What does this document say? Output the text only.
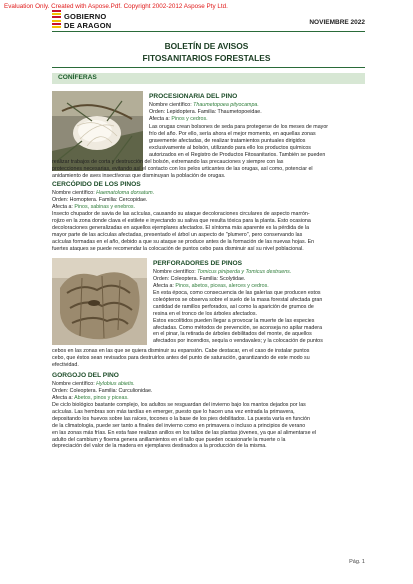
Evaluation Only. Created with Aspose.Pdf. Copyright 2002-2012 Aspose Pty Ltd.
GOBIERNO
DE ARAGON	NOVIEMBRE 2022
BOLETÍN DE AVISOS
FITOSANITARIOS FORESTALES
CONÍFERAS
PROCESIONARIA DEL PINO
Nombre científico: Thaumetopoea pityocampa.
Orden: Lepidoptera. Familia: Thaumetopoeidae.
Afecta a: Pinos y cedros.
Las orugas crean bolsones de seda para protegerse de los meses de mayor
frío del año. Por ello, sería ahora el mejor momento, en aquellas zonas
gravemente afectadas, de realizar tratamientos puntuales dirigidos
exclusivamente al bolsón, utilizando para ello los productos químicos
autorizados en el Registro de Productos Fitosanitarios. También se pueden
realizar trabajos de corta y destrucción del bolsón, extremando las precauciones y siempre con las
protecciones necesarias, evitando así el contacto con los pelos urticantes de las orugas, así como, potenciar el
anidamiento de aves insectívoras que disminuyan la población de orugas.
CERCÓPIDO DE LOS PINOS
Nombre científico: Haematoloma dorsatum.
Orden: Homoptera. Familia: Cercopidae.
Afecta a: Pinos, sabinas y enebros.
Insecto chupador de savia de las acículas, causando su ataque decoloraciones circulares de aspecto marrón-
rojizo en la zona donde clava el estilete e inyectando su saliva que resulta tóxica para la planta. Esto ocasiona
decoloraciones generalizadas en aquellos ejemplares afectados. El síntoma más aparente es la pérdida de la
mayor parte de las acículas afectadas, presentado el árbol un aspecto de "plumero", pero conservando las
acículas formadas en el año, debido a que su ataque se produce antes de la formación de las nuevas hojas. En
fuertes ataques se puede recomendar la colocación de puntos cebo para disminuir así su nivel poblacional.
PERFORADORES DE PINOS
Nombre científico: Tomicus piniperda y Tomicus destruens.
Orden: Coleoptera. Familia: Scolytidae.
Afecta a: Pinos, abetos, piceas, alerces y cedros.
En esta época, como consecuencia de las galerías que producen estos
coleópteros se observa sobre el suelo de la masa forestal afectada gran
cantidad de ramillos perforados, así como la aparición de grumos de
resina en el tronco de los árboles afectados.
Estos escolítidos pueden llegar a provocar la muerte de las especies
afectadas. Como métodos de prevención, se aconseja no apilar madera
en el pinar, la retirada de árboles debilitados del monte, de aquellos
afectados por incendios, sequía o vendavales; y la colocación de puntos
cebos en las zonas en las que se quiera disminuir su expansión. Cabe destacar, en el caso de instalar puntos
cebo, que éstos sean revisados para destruirlos antes del punto de saturación, garantizando de este modo su
efectividad.
GORGOJO DEL PINO
Nombre científico: Hylobius abietis.
Orden: Coleoptera. Familia: Curculionidae.
Afecta a: Abetos, pinos y piceas.
De ciclo biológico bastante complejo, los adultos se resguardan del invierno bajo los mantos dejados por las
acículas. Las hembras son más tardías en emerger, puesto que lo hacen una vez entrada la primavera,
depositando los huevos sobre las raíces, tocones o la base de los pies debilitados. La puesta varía en función
de la climatología, puede ser tanto a finales del invierno como en primavera o incluso a principios de verano
en las zonas más frías. En esta fase realizan anillos en los tallos de las plantas jóvenes, ya que al alimentarse el
adulto del cambium y floema genera anillamientos en el tallo que pueden ocasionarle la muerte o la
depreciación del valor de la madera en ejemplares destinados a la producción de la misma.
Pág. 1
